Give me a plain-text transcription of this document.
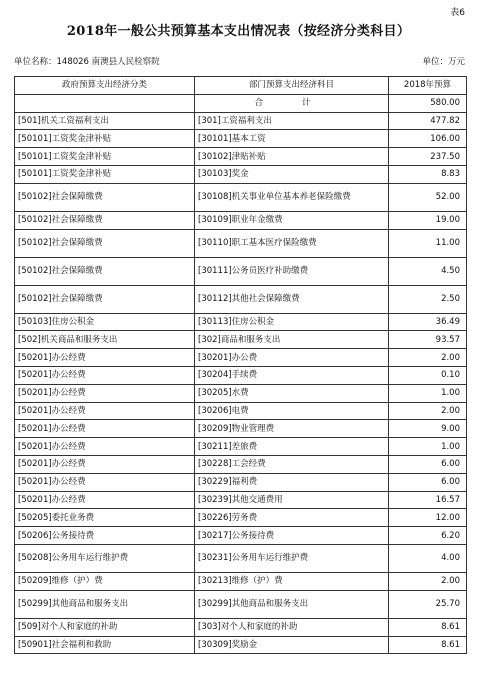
表6
2018年一般公共预算基本支出情况表（按经济分类科目）
单位名称：148026 南澳县人民检察院	单位：万元
政府预算支出经济分类	部门预算支出经济科目	2018年预算
	合 计	580.00
[501]机关工资福利支出	[301]工资福利支出	477.82
[50101]工资奖金津补贴	[30101]基本工资	106.00
[50101]工资奖金津补贴	[30102]津贴补贴	237.50
[50101]工资奖金津补贴	[30103]奖金	8.83
[50102]社会保障缴费	[30108]机关事业单位基本养老保险缴费	52.00
[50102]社会保障缴费	[30109]职业年金缴费	19.00
[50102]社会保障缴费	[30110]职工基本医疗保险缴费	11.00
[50102]社会保障缴费	[30111]公务员医疗补助缴费	4.50
[50102]社会保障缴费	[30112]其他社会保障缴费	2.50
[50103]住房公积金	[30113]住房公积金	36.49
[502]机关商品和服务支出	[302]商品和服务支出	93.57
[50201]办公经费	[30201]办公费	2.00
[50201]办公经费	[30204]手续费	0.10
[50201]办公经费	[30205]水费	1.00
[50201]办公经费	[30206]电费	2.00
[50201]办公经费	[30209]物业管理费	9.00
[50201]办公经费	[30211]差旅费	1.00
[50201]办公经费	[30228]工会经费	6.00
[50201]办公经费	[30229]福利费	6.00
[50201]办公经费	[30239]其他交通费用	16.57
[50205]委托业务费	[30226]劳务费	12.00
[50206]公务接待费	[30217]公务接待费	6.20
[50208]公务用车运行维护费	[30231]公务用车运行维护费	4.00
[50209]维修（护）费	[30213]维修（护）费	2.00
[50299]其他商品和服务支出	[30299]其他商品和服务支出	25.70
[509]对个人和家庭的补助	[303]对个人和家庭的补助	8.61
[50901]社会福利和救助	[30309]奖励金	8.61
